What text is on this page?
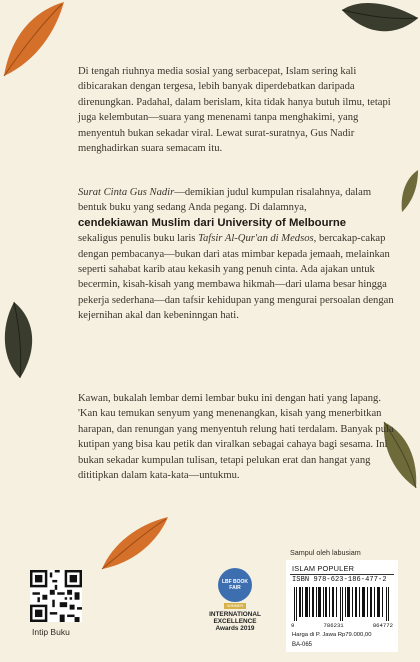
Di tengah riuhnya media sosial yang serbacepat, Islam sering kali dibicarakan dengan tergesa, lebih banyak diperdebatkan daripada direnungkan. Padahal, dalam berislam, kita tidak hanya butuh ilmu, tetapi juga kelembutan—suara yang menenami tanpa menghakimi, yang menyentuh bukan sekadar viral. Lewat surat-suratnya, Gus Nadir menghadirkan suara semacam itu.
Surat Cinta Gus Nadir—demikian judul kumpulan risalahnya, dalam bentuk buku yang sedang Anda pegang. Di dalamnya,
cendekiawan Muslim dari University of Melbourne
sekaligus penulis buku laris Tafsir Al-Qur'an di Medsos, bercakap-cakap dengan pembacanya—bukan dari atas mimbar kepada jemaah, melainkan seperti sahabat karib atau kekasih yang penuh cinta. Ada ajakan untuk becermin, kisah-kisah yang membawa hikmah—dari ulama besar hingga pekerja sederhana—dan tafsir kehidupan yang mengurai persoalan dengan kejernihan akal dan kebeninngan hati.
Kawan, bukalah lembar demi lembar buku ini dengan hati yang lapang. 'Kan kau temukan senyum yang menenangkan, kisah yang menerbitkan harapan, dan renungan yang menyentuh relung hati terdalam. Banyak pula kutipan yang bisa kau petik dan viralkan sebagai cahaya bagi sesama. Ini bukan sekadar kumpulan tulisan, tetapi pelukan erat dan hangat yang dititipkan dalam kata-kata—untukmu.
Intip Buku
LBF BOOK FAIR
WINNER
INTERNATIONAL
EXCELLENCE
Awards 2019
Sampul oleh labusiam
ISLAM POPULER
ISBN 978-623-186-477-2
9	786231	864772
Harga di P. Jawa Rp79.000,00
BA-065
